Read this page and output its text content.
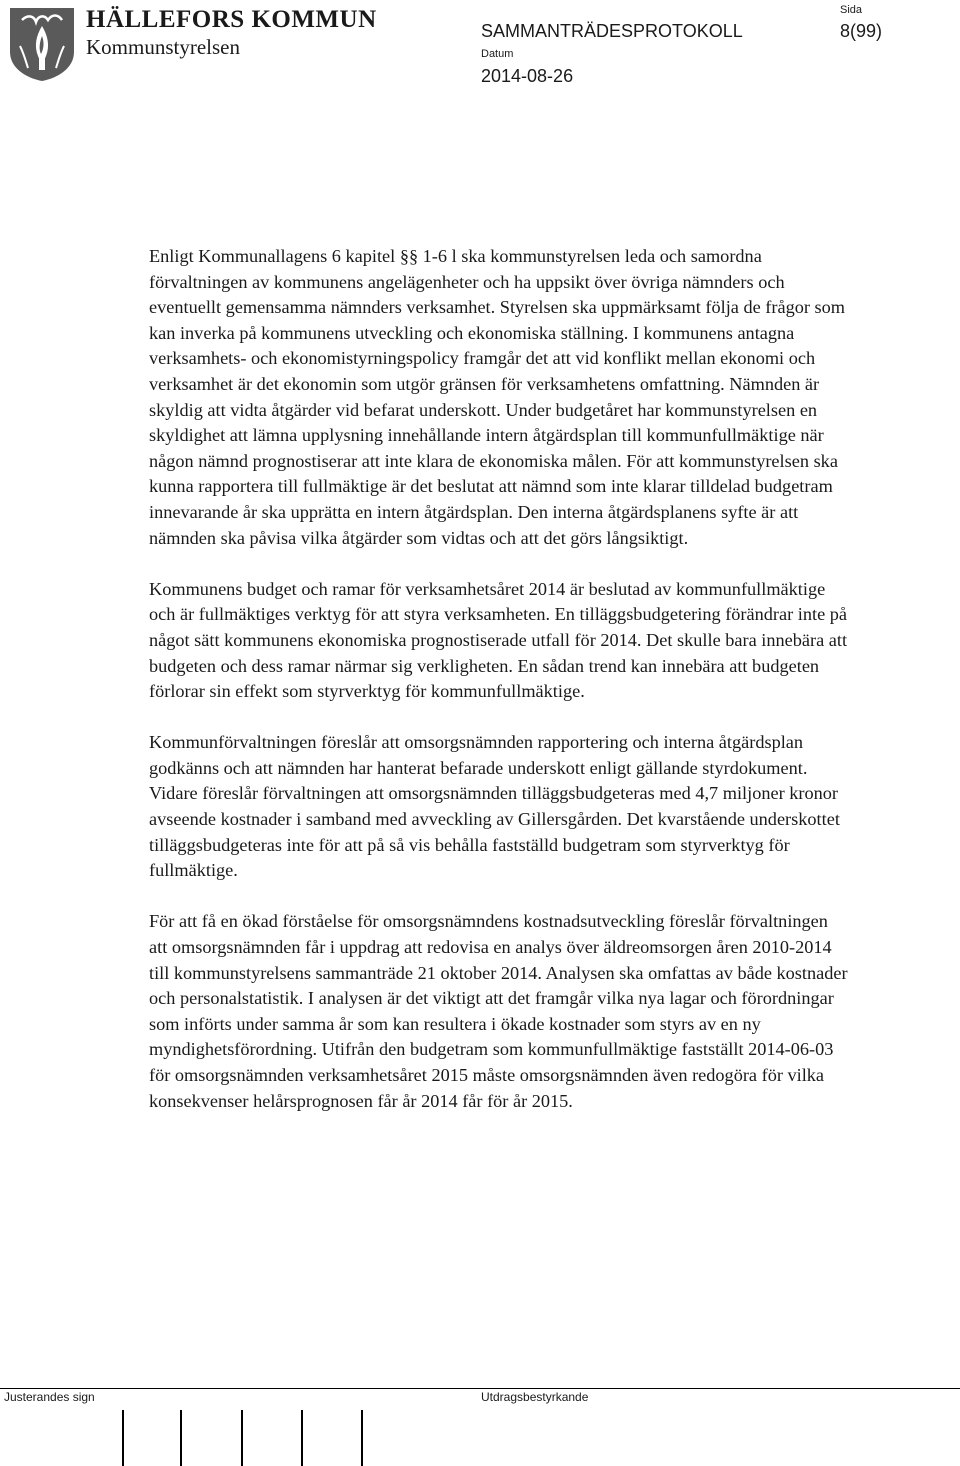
HÄLLEFORS KOMMUN
Kommunstyrelsen
SAMMANTRÄDESPROTOKOLL
Datum
2014-08-26
Sida
8(99)

Enligt Kommunallagens 6 kapitel §§ 1-6 l ska kommunstyrelsen leda och samordna förvaltningen av kommunens angelägenheter och ha uppsikt över övriga nämnders och eventuellt gemensamma nämnders verksamhet. Styrelsen ska uppmärksamt följa de frågor som kan inverka på kommunens utveckling och ekonomiska ställning. I kommunens antagna verksamhets- och ekonomistyrningspolicy framgår det att vid konflikt mellan ekonomi och verksamhet är det ekonomin som utgör gränsen för verksamhetens omfattning. Nämnden är skyldig att vidta åtgärder vid befarat underskott. Under budgetåret har kommunstyrelsen en skyldighet att lämna upplysning innehållande intern åtgärdsplan till kommunfullmäktige när någon nämnd prognostiserar att inte klara de ekonomiska målen. För att kommunstyrelsen ska kunna rapportera till fullmäktige är det beslutat att nämnd som inte klarar tilldelad budgetram innevarande år ska upprätta en intern åtgärdsplan. Den interna åtgärdsplanens syfte är att nämnden ska påvisa vilka åtgärder som vidtas och att det görs långsiktigt.

Kommunens budget och ramar för verksamhetsåret 2014 är beslutad av kommunfullmäktige och är fullmäktiges verktyg för att styra verksamheten. En tilläggsbudgetering förändrar inte på något sätt kommunens ekonomiska prognostiserade utfall för 2014. Det skulle bara innebära att budgeten och dess ramar närmar sig verkligheten. En sådan trend kan innebära att budgeten förlorar sin effekt som styrverktyg för kommunfullmäktige.

Kommunförvaltningen föreslår att omsorgsnämnden rapportering och interna åtgärdsplan godkänns och att nämnden har hanterat befarade underskott enligt gällande styrdokument. Vidare föreslår förvaltningen att omsorgsnämnden tilläggsbudgeteras med 4,7 miljoner kronor avseende kostnader i samband med avveckling av Gillersgården. Det kvarstående underskottet tilläggsbudgeteras inte för att på så vis behålla fastställd budgetram som styrverktyg för fullmäktige.

För att få en ökad förståelse för omsorgsnämndens kostnadsutveckling föreslår förvaltningen att omsorgsnämnden får i uppdrag att redovisa en analys över äldreomsorgen åren 2010-2014 till kommunstyrelsens sammanträde 21 oktober 2014. Analysen ska omfattas av både kostnader och personalstatistik. I analysen är det viktigt att det framgår vilka nya lagar och förordningar som införts under samma år som kan resultera i ökade kostnader som styrs av en ny myndighetsförordning. Utifrån den budgetram som kommunfullmäktige fastställt 2014-06-03 för omsorgsnämnden verksamhetsåret 2015 måste omsorgsnämnden även redogöra för vilka konsekvenser helårsprognosen får år 2014 får för år 2015.

Justerandes sign	Utdragsbestyrkande
